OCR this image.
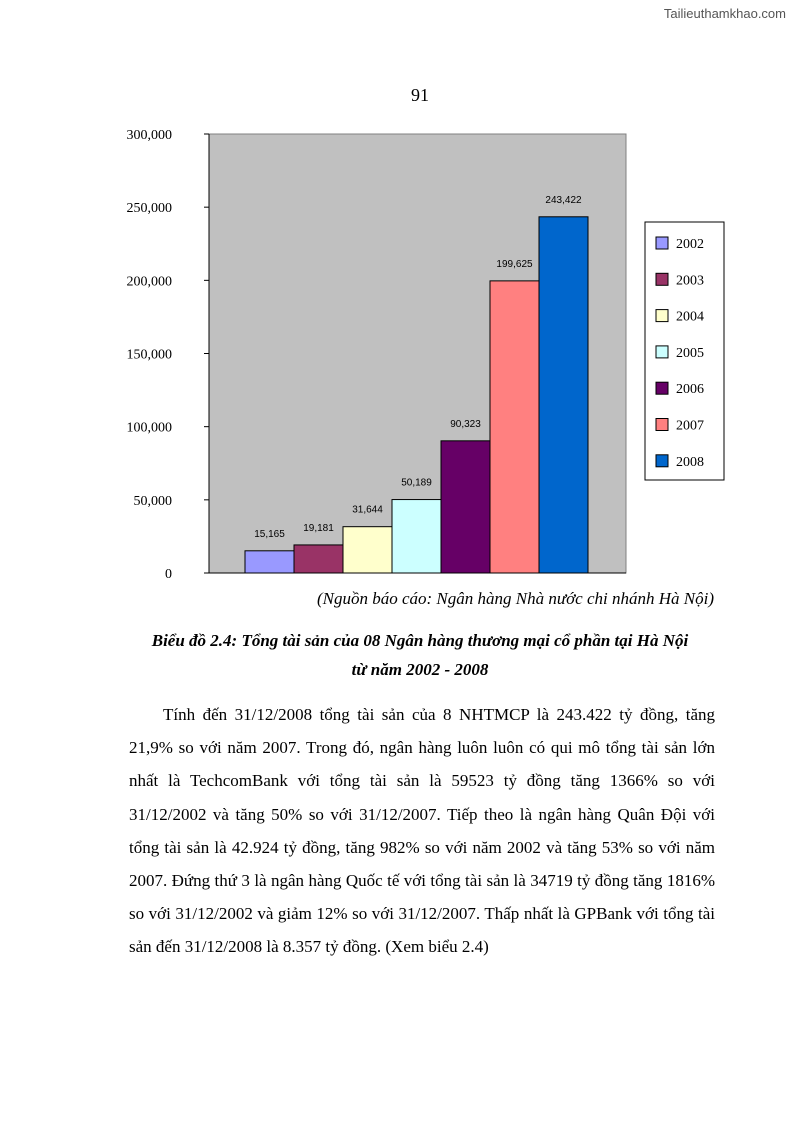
Tailieuthamkhao.com
91
0
50,000
100,000
150,000
200,000
250,000
300,000
15,165
19,181
31,644
50,189
90,323
199,625
243,422
2002
2003
2004
2005
2006
2007
2008
(Nguồn báo cáo: Ngân hàng Nhà nước chi nhánh Hà Nội)
Biểu đồ 2.4: Tổng tài sản của 08 Ngân hàng thương mại cổ phần tại Hà Nội
từ năm 2002 - 2008

Tính đến 31/12/2008 tổng tài sản của 8 NHTMCP là 243.422 tỷ đồng, tăng 21,9% so với năm 2007. Trong đó, ngân hàng luôn luôn có qui mô tổng tài sản lớn nhất là TechcomBank với tổng tài sản là 59523 tỷ đồng tăng 1366% so với 31/12/2002 và tăng 50% so với 31/12/2007. Tiếp theo là ngân hàng Quân Đội với tổng tài sản là 42.924 tỷ đồng, tăng 982% so với năm 2002 và tăng 53% so với năm 2007. Đứng thứ 3 là ngân hàng Quốc tế với tổng tài sản là 34719 tỷ đồng tăng 1816% so với 31/12/2002 và giảm 12% so với 31/12/2007. Thấp nhất là GPBank với tổng tài sản đến 31/12/2008 là 8.357 tỷ đồng. (Xem biểu 2.4)
